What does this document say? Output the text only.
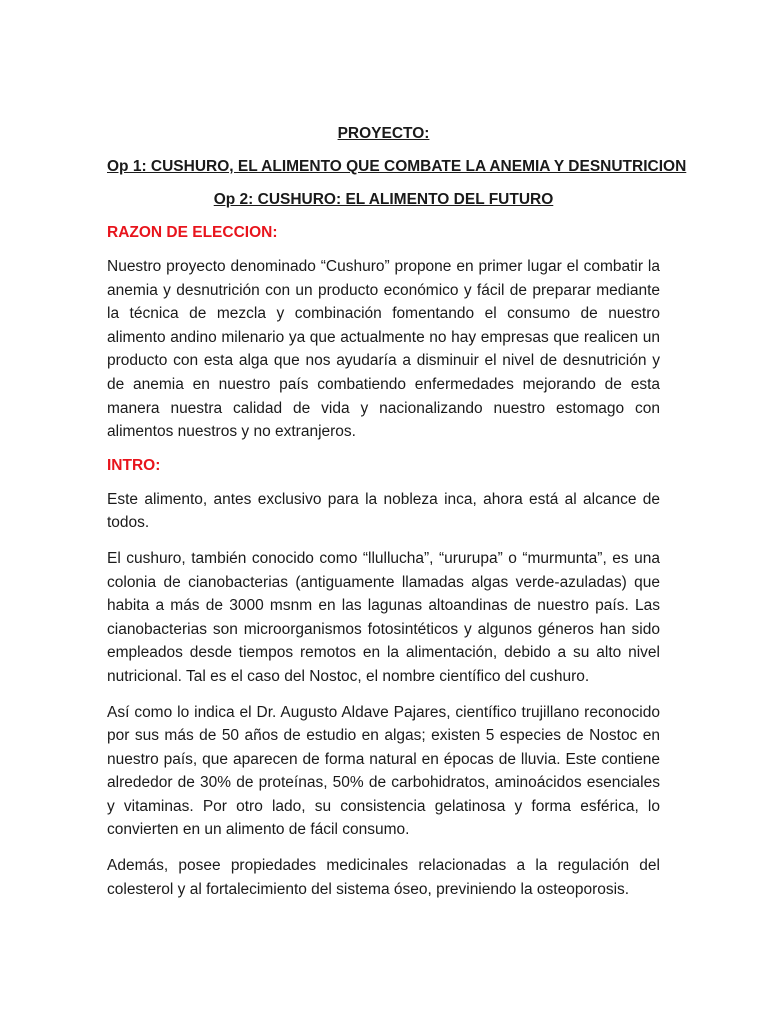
PROYECTO:

Op 1: CUSHURO, EL ALIMENTO QUE COMBATE LA ANEMIA Y DESNUTRICION

Op 2: CUSHURO: EL ALIMENTO DEL FUTURO

RAZON DE ELECCION:

Nuestro proyecto denominado “Cushuro” propone en primer lugar el combatir la anemia y desnutrición con un producto económico y fácil de preparar mediante la técnica de mezcla y combinación fomentando el consumo de nuestro alimento andino milenario ya que actualmente no hay empresas que realicen un producto con esta alga que nos ayudaría a disminuir el nivel de desnutrición y de anemia en nuestro país combatiendo enfermedades mejorando de esta manera nuestra calidad de vida y nacionalizando nuestro estomago con alimentos nuestros y no extranjeros.

INTRO:

Este alimento, antes exclusivo para la nobleza inca, ahora está al alcance de todos.

El cushuro, también conocido como “llullucha”, “ururupa” o “murmunta”, es una colonia de cianobacterias (antiguamente llamadas algas verde-azuladas) que habita a más de 3000 msnm en las lagunas altoandinas de nuestro país. Las cianobacterias son microorganismos fotosintéticos y algunos géneros han sido empleados desde tiempos remotos en la alimentación, debido a su alto nivel nutricional. Tal es el caso del Nostoc, el nombre científico del cushuro.

Así como lo indica el Dr. Augusto Aldave Pajares, científico trujillano reconocido por sus más de 50 años de estudio en algas; existen 5 especies de Nostoc en nuestro país, que aparecen de forma natural en épocas de lluvia. Este contiene alrededor de 30% de proteínas, 50% de carbohidratos, aminoácidos esenciales y vitaminas. Por otro lado, su consistencia gelatinosa y forma esférica, lo convierten en un alimento de fácil consumo.

Además, posee propiedades medicinales relacionadas a la regulación del colesterol y al fortalecimiento del sistema óseo, previniendo la osteoporosis.
